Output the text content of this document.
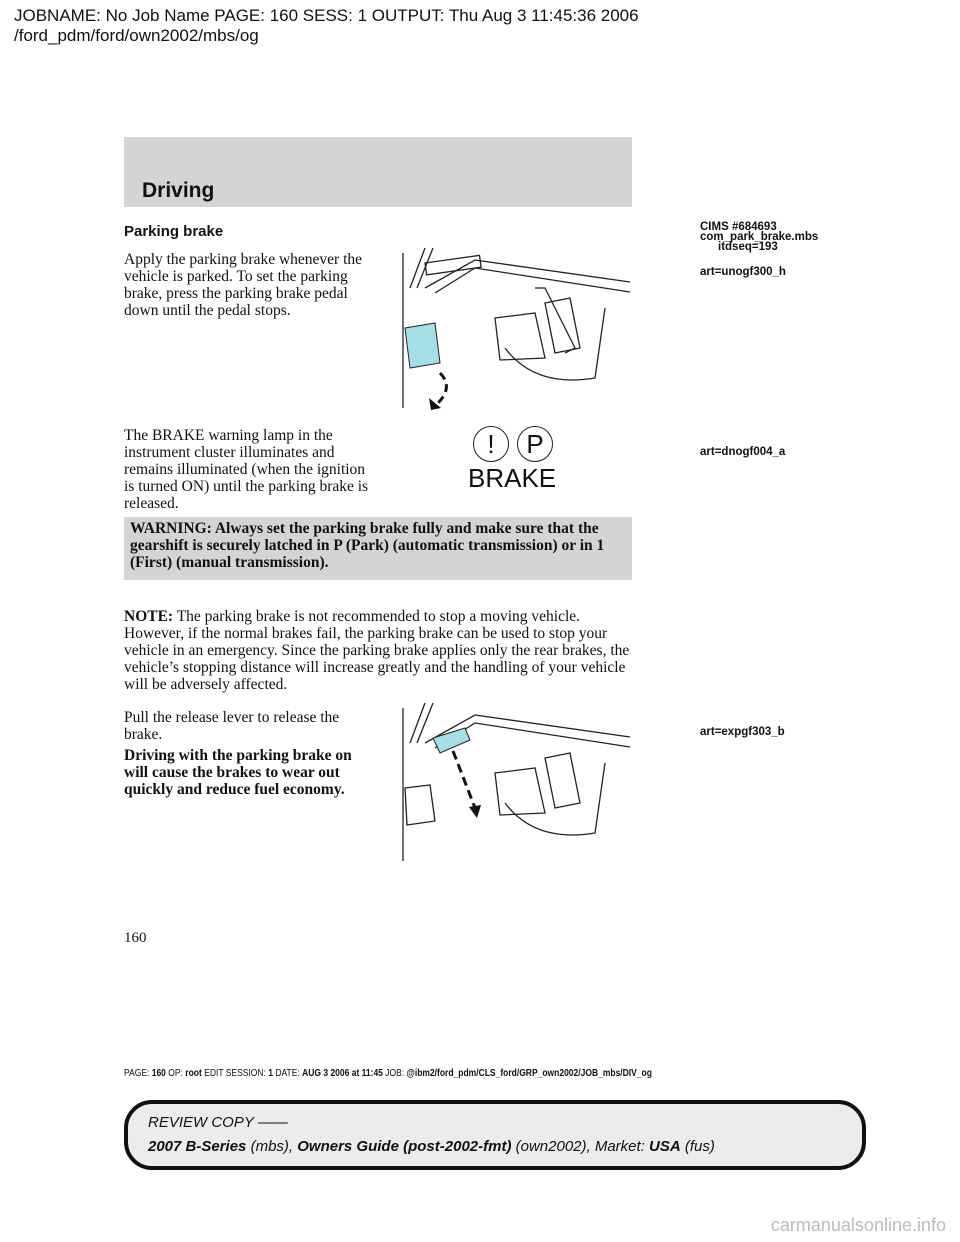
JOBNAME: No Job Name PAGE: 160 SESS: 1 OUTPUT: Thu Aug 3 11:45:36 2006
/ford_pdm/ford/own2002/mbs/og
Driving
Parking brake	CIMS #684693
com_park_brake.mbs
itdseq=193
art=unogf300_h
art=dnogf004_a
art=expgf303_b
Apply the parking brake whenever the vehicle is parked. To set the parking brake, press the parking brake pedal down until the pedal stops.
The BRAKE warning lamp in the instrument cluster illuminates and remains illuminated (when the ignition is turned ON) until the parking brake is released.
!	P
BRAKE
WARNING: Always set the parking brake fully and make sure that the gearshift is securely latched in P (Park) (automatic transmission) or in 1 (First) (manual transmission).
NOTE: The parking brake is not recommended to stop a moving vehicle. However, if the normal brakes fail, the parking brake can be used to stop your vehicle in an emergency. Since the parking brake applies only the rear brakes, the vehicle’s stopping distance will increase greatly and the handling of your vehicle will be adversely affected.
Pull the release lever to release the brake.
Driving with the parking brake on will cause the brakes to wear out quickly and reduce fuel economy.
160
PAGE: 160 OP: root EDIT SESSION: 1 DATE: AUG 3 2006 at 11:45 JOB: @ibm2/ford_pdm/CLS_ford/GRP_own2002/JOB_mbs/DIV_og
REVIEW COPY ——
2007 B-Series (mbs), Owners Guide (post-2002-fmt) (own2002), Market: USA (fus)
carmanualsonline.info
